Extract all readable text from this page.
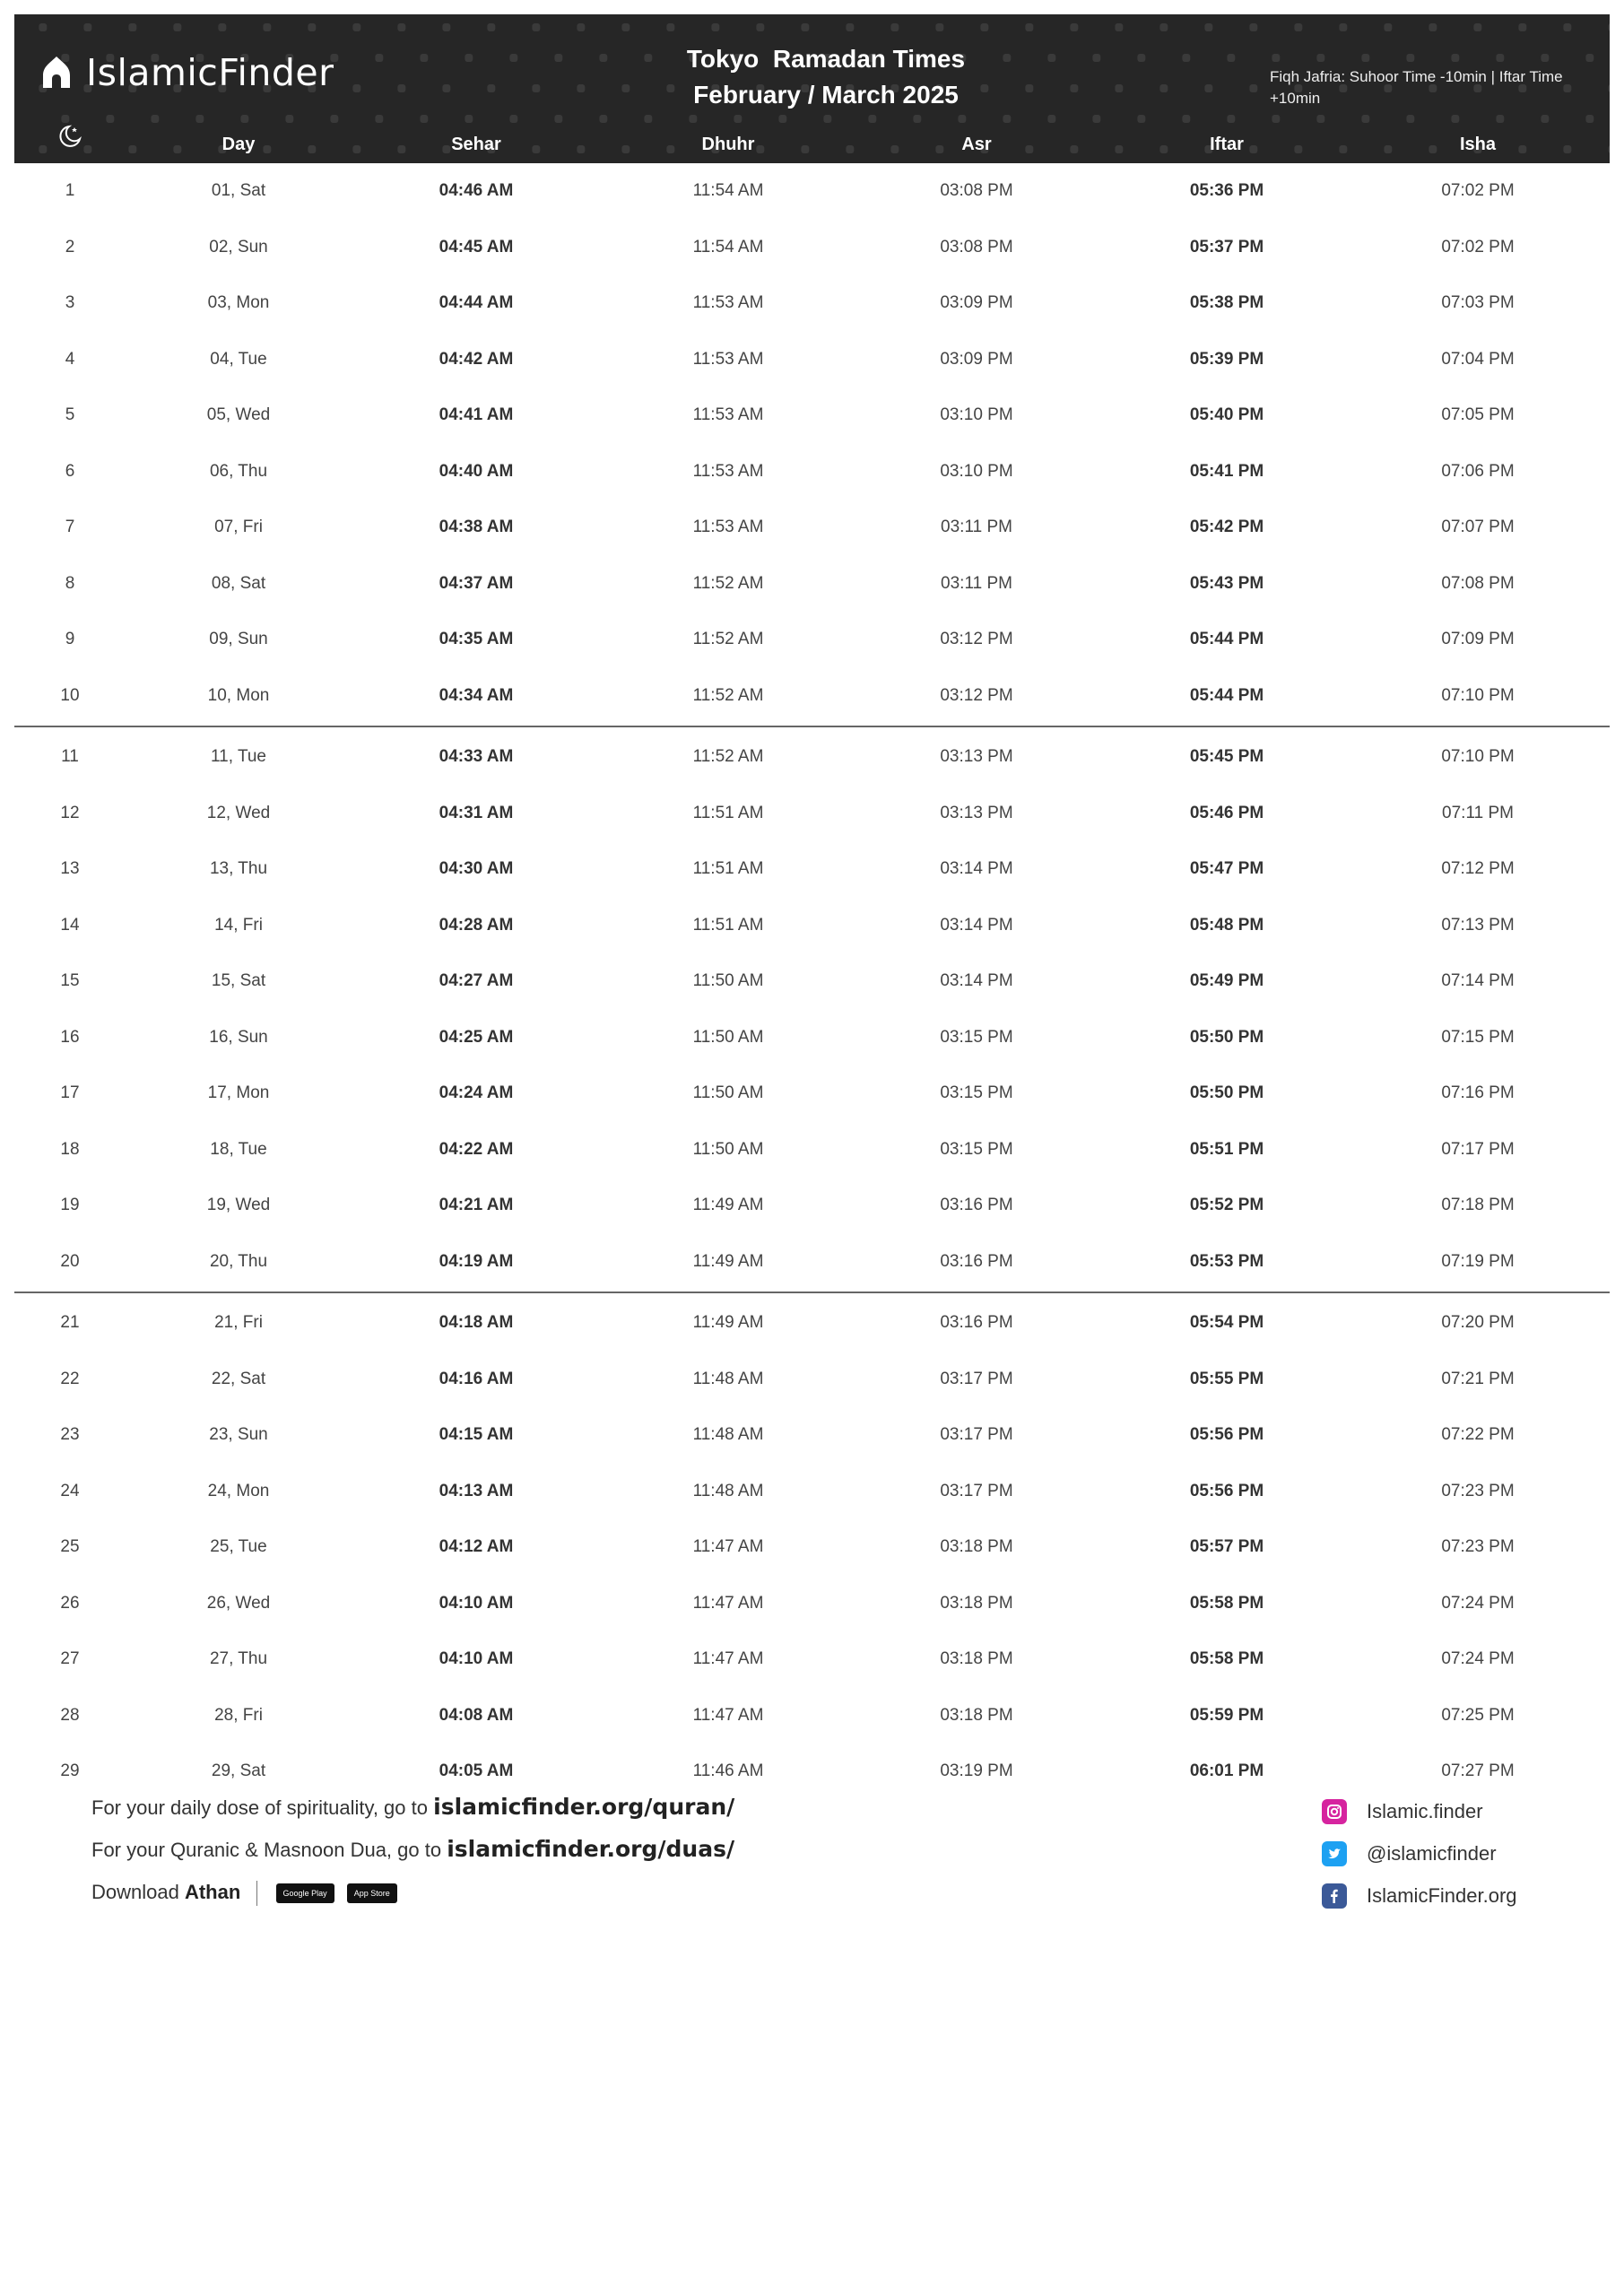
IslamicFinder	Tokyo  Ramadan Times
February / March 2025
Fiqh Jafria: Suhoor Time -10min | Iftar Time +10min
Day	Sehar	Dhuhr	Asr	Iftar	Isha
1	01, Sat	04:46 AM	11:54 AM	03:08 PM	05:36 PM	07:02 PM
2	02, Sun	04:45 AM	11:54 AM	03:08 PM	05:37 PM	07:02 PM
3	03, Mon	04:44 AM	11:53 AM	03:09 PM	05:38 PM	07:03 PM
4	04, Tue	04:42 AM	11:53 AM	03:09 PM	05:39 PM	07:04 PM
5	05, Wed	04:41 AM	11:53 AM	03:10 PM	05:40 PM	07:05 PM
6	06, Thu	04:40 AM	11:53 AM	03:10 PM	05:41 PM	07:06 PM
7	07, Fri	04:38 AM	11:53 AM	03:11 PM	05:42 PM	07:07 PM
8	08, Sat	04:37 AM	11:52 AM	03:11 PM	05:43 PM	07:08 PM
9	09, Sun	04:35 AM	11:52 AM	03:12 PM	05:44 PM	07:09 PM
10	10, Mon	04:34 AM	11:52 AM	03:12 PM	05:44 PM	07:10 PM
11	11, Tue	04:33 AM	11:52 AM	03:13 PM	05:45 PM	07:10 PM
12	12, Wed	04:31 AM	11:51 AM	03:13 PM	05:46 PM	07:11 PM
13	13, Thu	04:30 AM	11:51 AM	03:14 PM	05:47 PM	07:12 PM
14	14, Fri	04:28 AM	11:51 AM	03:14 PM	05:48 PM	07:13 PM
15	15, Sat	04:27 AM	11:50 AM	03:14 PM	05:49 PM	07:14 PM
16	16, Sun	04:25 AM	11:50 AM	03:15 PM	05:50 PM	07:15 PM
17	17, Mon	04:24 AM	11:50 AM	03:15 PM	05:50 PM	07:16 PM
18	18, Tue	04:22 AM	11:50 AM	03:15 PM	05:51 PM	07:17 PM
19	19, Wed	04:21 AM	11:49 AM	03:16 PM	05:52 PM	07:18 PM
20	20, Thu	04:19 AM	11:49 AM	03:16 PM	05:53 PM	07:19 PM
21	21, Fri	04:18 AM	11:49 AM	03:16 PM	05:54 PM	07:20 PM
22	22, Sat	04:16 AM	11:48 AM	03:17 PM	05:55 PM	07:21 PM
23	23, Sun	04:15 AM	11:48 AM	03:17 PM	05:56 PM	07:22 PM
24	24, Mon	04:13 AM	11:48 AM	03:17 PM	05:56 PM	07:23 PM
25	25, Tue	04:12 AM	11:47 AM	03:18 PM	05:57 PM	07:23 PM
26	26, Wed	04:10 AM	11:47 AM	03:18 PM	05:58 PM	07:24 PM
27	27, Thu	04:10 AM	11:47 AM	03:18 PM	05:58 PM	07:24 PM
28	28, Fri	04:08 AM	11:47 AM	03:18 PM	05:59 PM	07:25 PM
29	29, Sat	04:05 AM	11:46 AM	03:19 PM	06:01 PM	07:27 PM
For your daily dose of spirituality, go to islamicfinder.org/quran/
For your Quranic & Masnoon Dua, go to islamicfinder.org/duas/
Download Athan	Google Play	App Store
Islamic.finder
@islamicfinder
IslamicFinder.org
